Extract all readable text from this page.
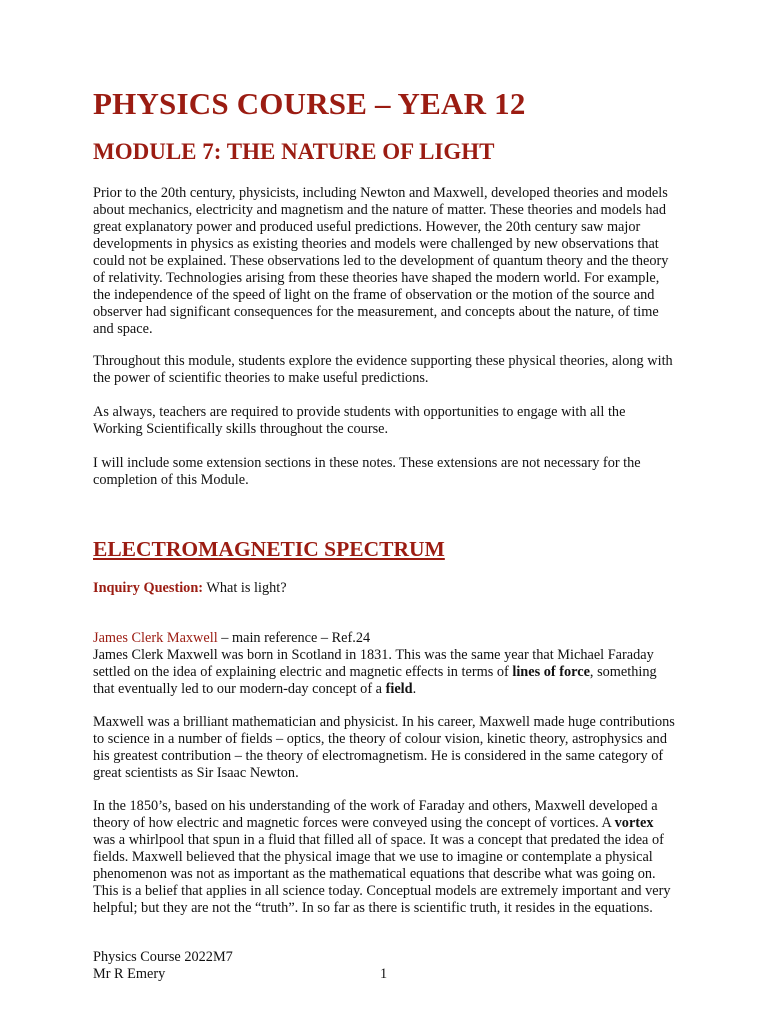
PHYSICS COURSE – YEAR 12
MODULE 7: THE NATURE OF LIGHT

Prior to the 20th century, physicists, including Newton and Maxwell, developed theories and models about mechanics, electricity and magnetism and the nature of matter. These theories and models had great explanatory power and produced useful predictions. However, the 20th century saw major developments in physics as existing theories and models were challenged by new observations that could not be explained. These observations led to the development of quantum theory and the theory of relativity. Technologies arising from these theories have shaped the modern world. For example, the independence of the speed of light on the frame of observation or the motion of the source and observer had significant consequences for the measurement, and concepts about the nature, of time and space.

Throughout this module, students explore the evidence supporting these physical theories, along with the power of scientific theories to make useful predictions.

As always, teachers are required to provide students with opportunities to engage with all the Working Scientifically skills throughout the course.

I will include some extension sections in these notes. These extensions are not necessary for the completion of this Module.

ELECTROMAGNETIC SPECTRUM

Inquiry Question: What is light?

James Clerk Maxwell – main reference – Ref.24

James Clerk Maxwell was born in Scotland in 1831. This was the same year that Michael Faraday settled on the idea of explaining electric and magnetic effects in terms of lines of force, something that eventually led to our modern-day concept of a field.

Maxwell was a brilliant mathematician and physicist. In his career, Maxwell made huge contributions to science in a number of fields – optics, the theory of colour vision, kinetic theory, astrophysics and his greatest contribution – the theory of electromagnetism. He is considered in the same category of great scientists as Sir Isaac Newton.

In the 1850’s, based on his understanding of the work of Faraday and others, Maxwell developed a theory of how electric and magnetic forces were conveyed using the concept of vortices. A vortex was a whirlpool that spun in a fluid that filled all of space. It was a concept that predated the idea of fields. Maxwell believed that the physical image that we use to imagine or contemplate a physical phenomenon was not as important as the mathematical equations that describe what was going on. This is a belief that applies in all science today. Conceptual models are extremely important and very helpful; but they are not the “truth”. In so far as there is scientific truth, it resides in the equations.

Physics Course 2022M7
Mr R Emery	1
